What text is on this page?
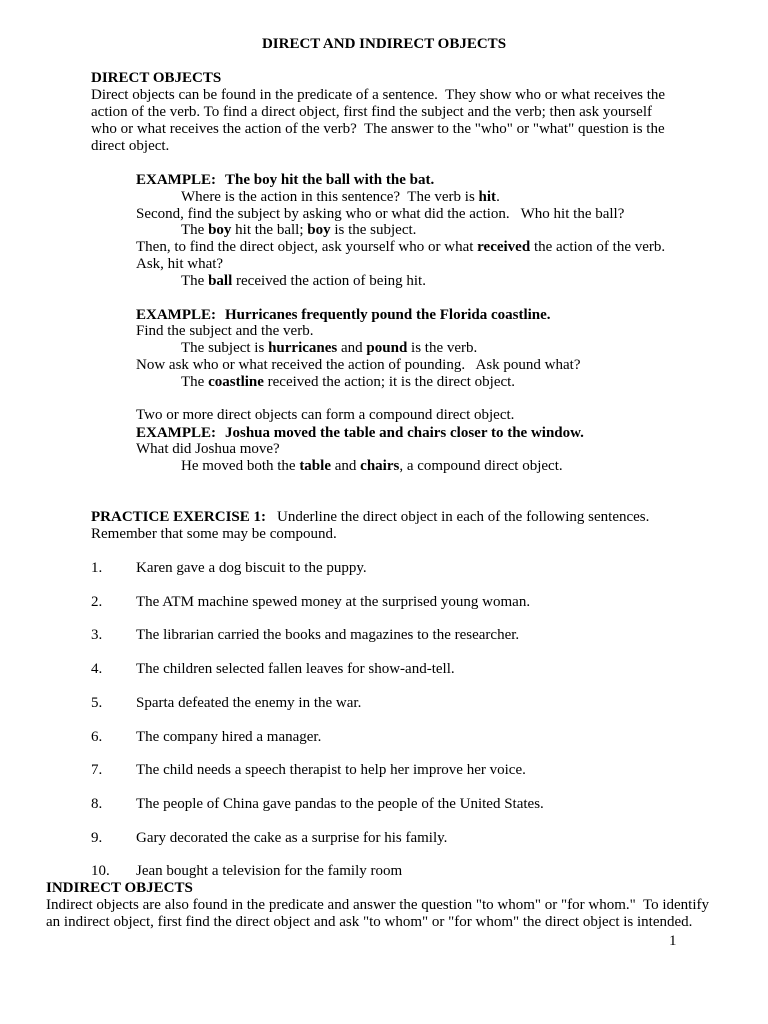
DIRECT AND INDIRECT OBJECTS
DIRECT OBJECTS
Direct objects can be found in the predicate of a sentence.  They show who or what receives the
action of the verb. To find a direct object, first find the subject and the verb; then ask yourself
who or what receives the action of the verb?  The answer to the "who" or "what" question is the
direct object.
EXAMPLE: The boy hit the ball with the bat.
Where is the action in this sentence?  The verb is hit.
Second, find the subject by asking who or what did the action.   Who hit the ball?
The boy hit the ball; boy is the subject.
Then, to find the direct object, ask yourself who or what received the action of the verb.
Ask, hit what?
The ball received the action of being hit.
EXAMPLE: Hurricanes frequently pound the Florida coastline.
Find the subject and the verb.
The subject is hurricanes and pound is the verb.
Now ask who or what received the action of pounding.   Ask pound what?
The coastline received the action; it is the direct object.
Two or more direct objects can form a compound direct object.
EXAMPLE: Joshua moved the table and chairs closer to the window.
What did Joshua move?
He moved both the table and chairs, a compound direct object.
PRACTICE EXERCISE 1: Underline the direct object in each of the following sentences.
Remember that some may be compound.
1. Karen gave a dog biscuit to the puppy.
2. The ATM machine spewed money at the surprised young woman.
3. The librarian carried the books and magazines to the researcher.
4. The children selected fallen leaves for show-and-tell.
5. Sparta defeated the enemy in the war.
6. The company hired a manager.
7. The child needs a speech therapist to help her improve her voice.
8. The people of China gave pandas to the people of the United States.
9. Gary decorated the cake as a surprise for his family.
10. Jean bought a television for the family room
INDIRECT OBJECTS
Indirect objects are also found in the predicate and answer the question "to whom" or "for whom."  To identify
an indirect object, first find the direct object and ask "to whom" or "for whom" the direct object is intended.
1
